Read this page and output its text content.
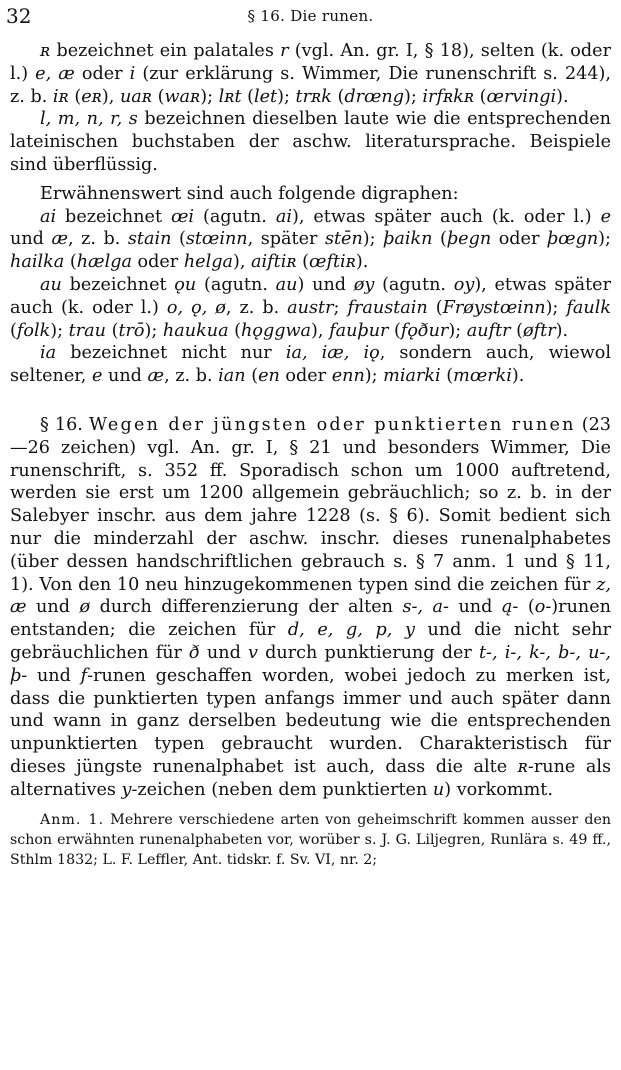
32	§ 16. Die runen.

ʀ bezeichnet ein palatales r (vgl. An. gr. I, § 18), selten (k. oder l.) e, æ oder i (zur erklärung s. Wimmer, Die runenschrift s. 244), z. b. iʀ (eʀ), uaʀ (waʀ); lʀt (let); trʀk (drœng); irfʀkʀ (œrvingi).

l, m, n, r, s bezeichnen dieselben laute wie die entsprechenden lateinischen buchstaben der aschw. literatursprache. Beispiele sind überflüssig.

Erwähnenswert sind auch folgende digraphen:

ai bezeichnet œi (agutn. ai), etwas später auch (k. oder l.) e und æ, z. b. stain (stœinn, später stēn); þaikn (þegn oder þœgn); hailka (hælga oder helga), aiftiʀ (œftiʀ).

au bezeichnet ǫu (agutn. au) und øy (agutn. oy), etwas später auch (k. oder l.) o, ǫ, ø, z. b. austr; fraustain (Frøystœinn); faulk (folk); trau (trō); haukua (hǫggwa), fauþur (fǫður); auftr (øftr).

ia bezeichnet nicht nur ia, iæ, iǫ, sondern auch, wiewol seltener, e und æ, z. b. ian (en oder enn); miarki (mœrki).

§ 16. Wegen der jüngsten oder punktierten runen (23—26 zeichen) vgl. An. gr. I, § 21 und besonders Wimmer, Die runenschrift, s. 352 ff. Sporadisch schon um 1000 auftretend, werden sie erst um 1200 allgemein gebräuchlich; so z. b. in der Salebyer inschr. aus dem jahre 1228 (s. § 6). Somit bedient sich nur die minderzahl der aschw. inschr. dieses runenalphabetes (über dessen handschriftlichen gebrauch s. § 7 anm. 1 und § 11, 1). Von den 10 neu hinzugekommenen typen sind die zeichen für z, æ und ø durch differenzierung der alten s-, a- und ą- (o-)runen entstanden; die zeichen für d, e, g, p, y und die nicht sehr gebräuchlichen für ð und v durch punktierung der t-, i-, k-, b-, u-, þ- und f-runen geschaffen worden, wobei jedoch zu merken ist, dass die punktierten typen anfangs immer und auch später dann und wann in ganz derselben bedeutung wie die entsprechenden unpunktierten typen gebraucht wurden. Charakteristisch für dieses jüngste runenalphabet ist auch, dass die alte ʀ-rune als alternatives y-zeichen (neben dem punktierten u) vorkommt.

Anm. 1. Mehrere verschiedene arten von geheimschrift kommen ausser den schon erwähnten runenalphabeten vor, worüber s. J. G. Liljegren, Runlära s. 49 ff., Sthlm 1832; L. F. Leffler, Ant. tidskr. f. Sv. VI, nr. 2;
